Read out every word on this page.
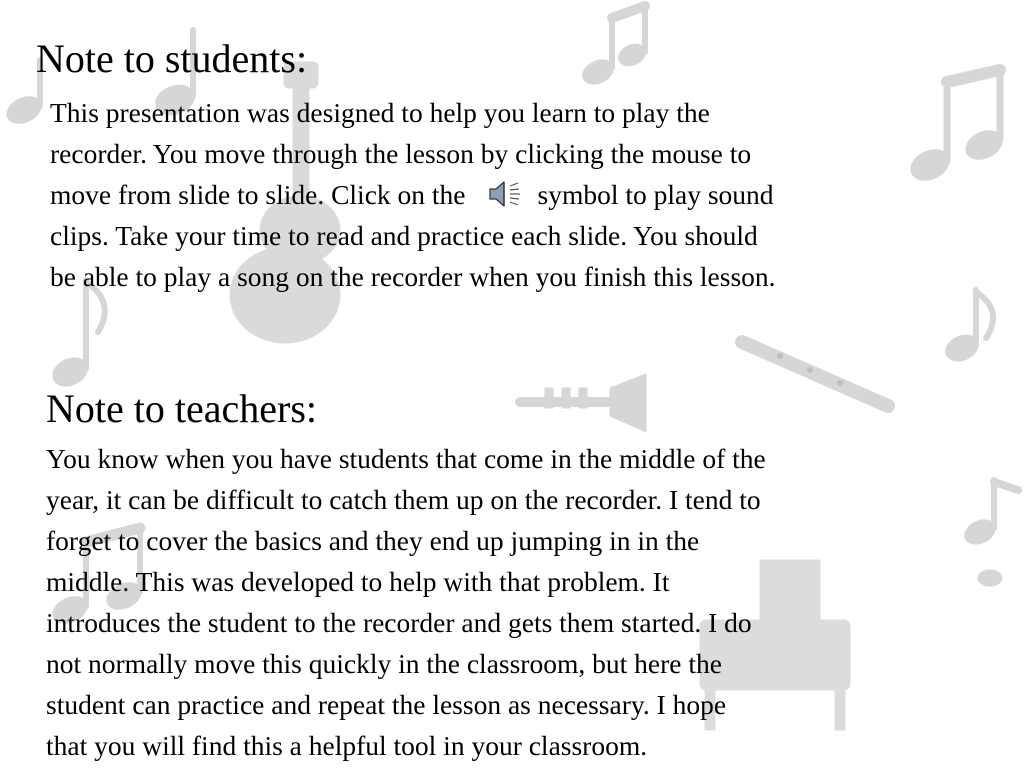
Note to students:
This presentation was designed to help you learn to play the
recorder. You move through the lesson by clicking the mouse to
move from slide to slide. Click on the	symbol to play sound
clips. Take your time to read and practice each slide. You should
be able to play a song on the recorder when you finish this lesson.
Note to teachers:
You know when you have students that come in the middle of the
year, it can be difficult to catch them up on the recorder. I tend to
forget to cover the basics and they end up jumping in in the
middle. This was developed to help with that problem. It
introduces the student to the recorder and gets them started. I do
not normally move this quickly in the classroom, but here the
student can practice and repeat the lesson as necessary. I hope
that you will find this a helpful tool in your classroom.
